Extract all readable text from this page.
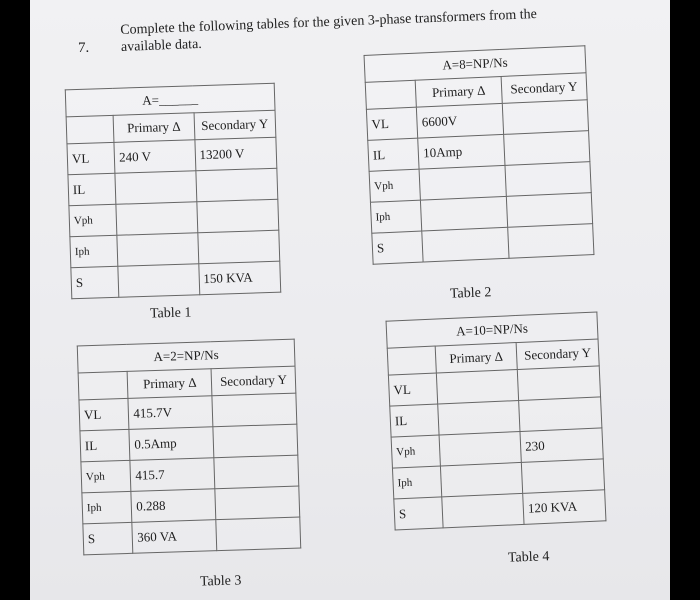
7.
Complete the following tables for the given 3-phase transformers from the
available data.
A=______		
	Primary Δ	Secondary Y
VL	240 V	13200 V
IL		
Vph		
Iph		
S		150 KVA
A=8=NP/Ns		
	Primary Δ	Secondary Y
VL	6600V	
IL	10Amp	
Vph		
Iph		
S		
A=2=NP/Ns		
	Primary Δ	Secondary Y
VL	415.7V	
IL	0.5Amp	
Vph	415.7	
Iph	0.288	
S	360 VA	
A=10=NP/Ns		
	Primary Δ	Secondary Y
VL		
IL		
Vph		230
Iph		
S		120 KVA
Table 1
Table 2
Table 3
Table 4
